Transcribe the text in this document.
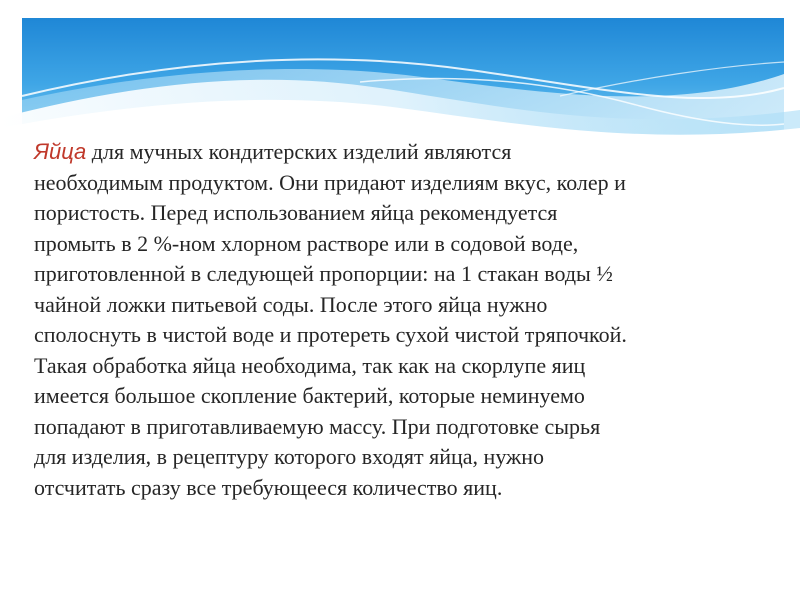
Яйца для мучных кондитерских изделий являются
необходимым продуктом. Они придают изделиям вкус, колер и
пористость. Перед использованием яйца рекомендуется
промыть в 2 %-ном хлорном растворе или в содовой воде,
приготовленной в следующей пропорции: на 1 стакан воды ½
чайной ложки питьевой соды. После этого яйца нужно
сполоснуть в чистой воде и протереть сухой чистой тряпочкой.
Такая обработка яйца необходима, так как на скорлупе яиц
имеется большое скопление бактерий, которые неминуемо
попадают в приготавливаемую массу. При подготовке сырья
для изделия, в рецептуру которого входят яйца, нужно
отсчитать сразу все требующееся количество яиц.
